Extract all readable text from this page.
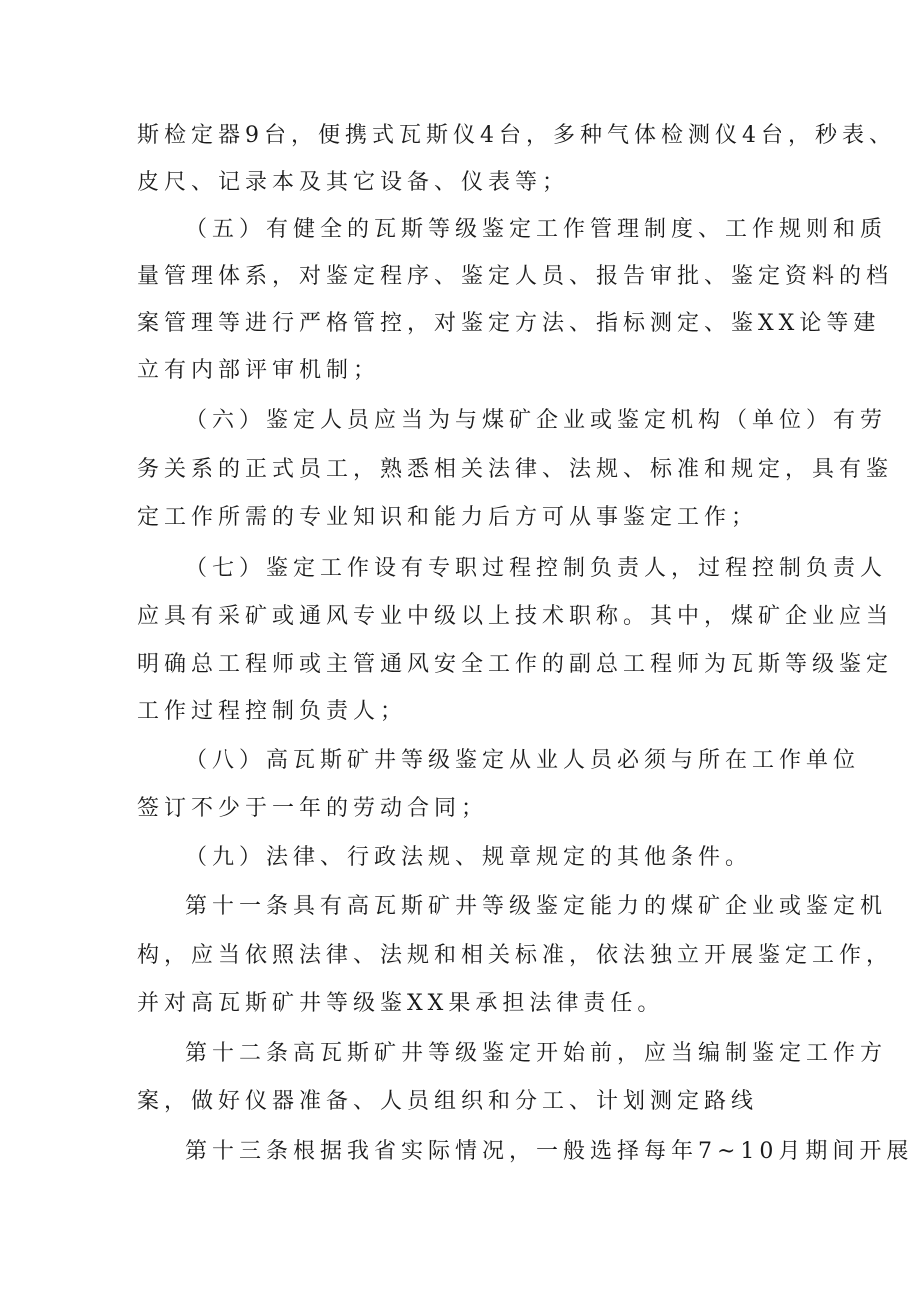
斯检定器9台，便携式瓦斯仪4台，多种气体检测仪4台，秒表、
皮尺、记录本及其它设备、仪表等；
（五）有健全的瓦斯等级鉴定工作管理制度、工作规则和质
量管理体系，对鉴定程序、鉴定人员、报告审批、鉴定资料的档
案管理等进行严格管控，对鉴定方法、指标测定、鉴XX论等建
立有内部评审机制；
（六）鉴定人员应当为与煤矿企业或鉴定机构（单位）有劳
务关系的正式员工，熟悉相关法律、法规、标准和规定，具有鉴
定工作所需的专业知识和能力后方可从事鉴定工作；
（七）鉴定工作设有专职过程控制负责人，过程控制负责人
应具有采矿或通风专业中级以上技术职称。其中，煤矿企业应当
明确总工程师或主管通风安全工作的副总工程师为瓦斯等级鉴定
工作过程控制负责人；
（八）高瓦斯矿井等级鉴定从业人员必须与所在工作单位
签订不少于一年的劳动合同；
（九）法律、行政法规、规章规定的其他条件。
第十一条具有高瓦斯矿井等级鉴定能力的煤矿企业或鉴定机
构，应当依照法律、法规和相关标准，依法独立开展鉴定工作，
并对高瓦斯矿井等级鉴XX果承担法律责任。
第十二条高瓦斯矿井等级鉴定开始前，应当编制鉴定工作方
案，做好仪器准备、人员组织和分工、计划测定路线
第十三条根据我省实际情况，一般选择每年7~10月期间开展
